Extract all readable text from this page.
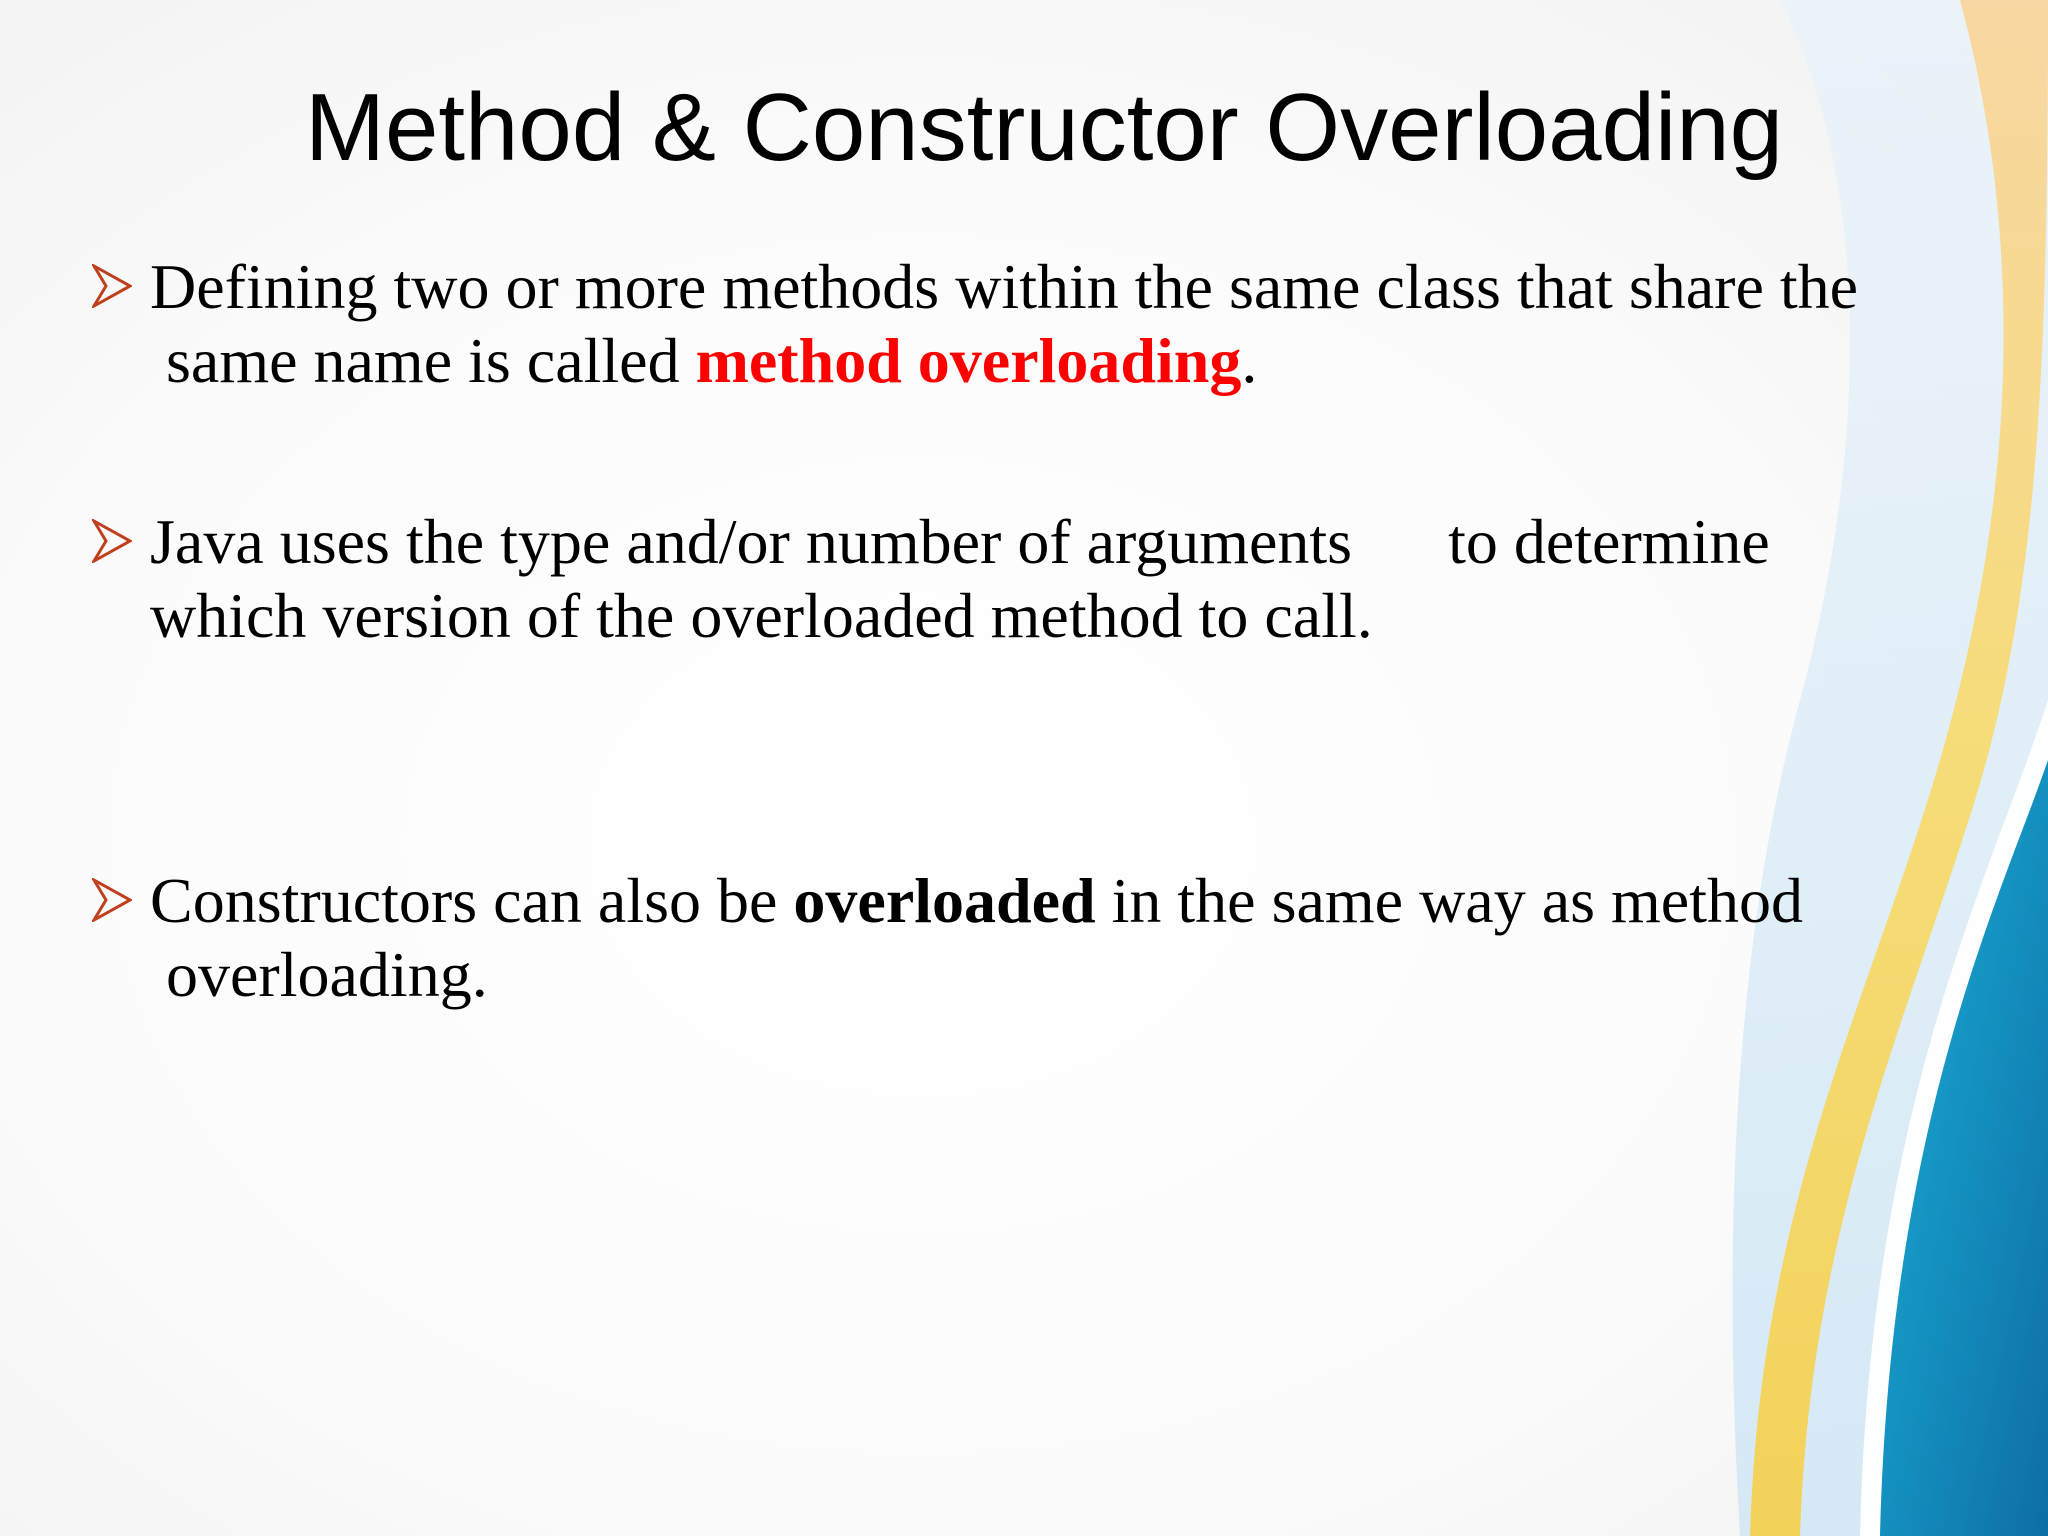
Method & Constructor Overloading
Defining two or more methods within the same class that share the
same name is called method overloading.
Java uses the type and/or number of arguments      to determine
which version of the overloaded method to call.
Constructors can also be overloaded in the same way as method
overloading.
